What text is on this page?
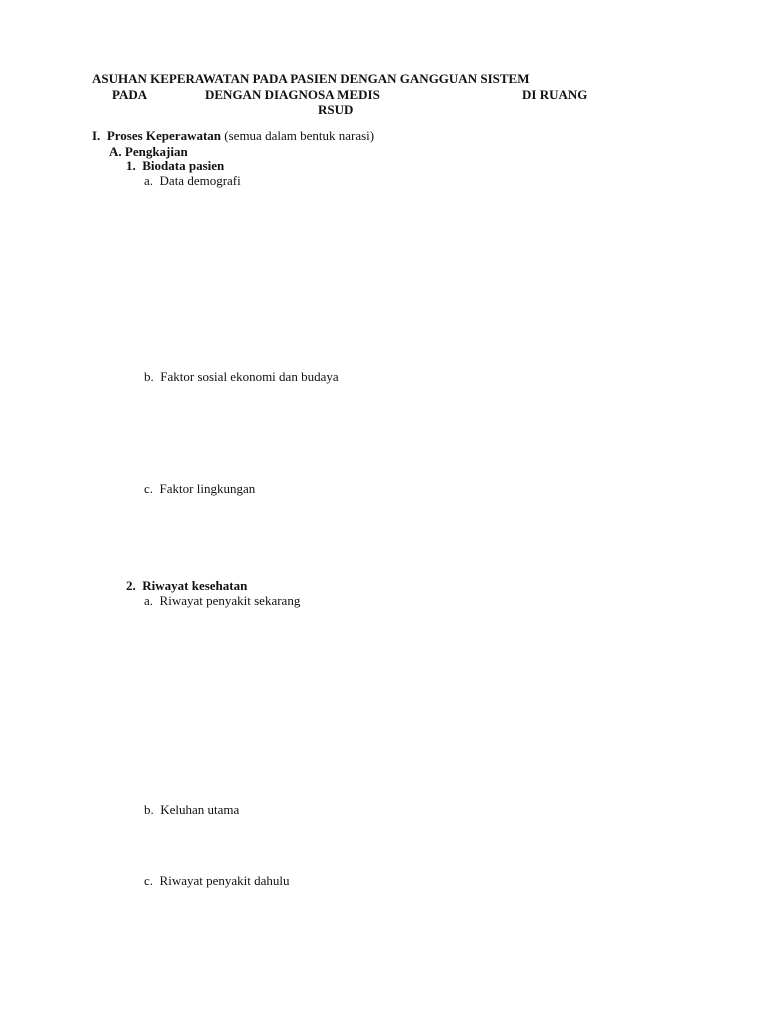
ASUHAN KEPERAWATAN PADA PASIEN DENGAN GANGGUAN SISTEM
PADA	DENGAN DIAGNOSA MEDIS	DI RUANG
RSUD
I. Proses Keperawatan (semua dalam bentuk narasi)
A. Pengkajian
1. Biodata pasien
a. Data demografi
b. Faktor sosial ekonomi dan budaya
c. Faktor lingkungan
2. Riwayat kesehatan
a. Riwayat penyakit sekarang
b. Keluhan utama
c. Riwayat penyakit dahulu
